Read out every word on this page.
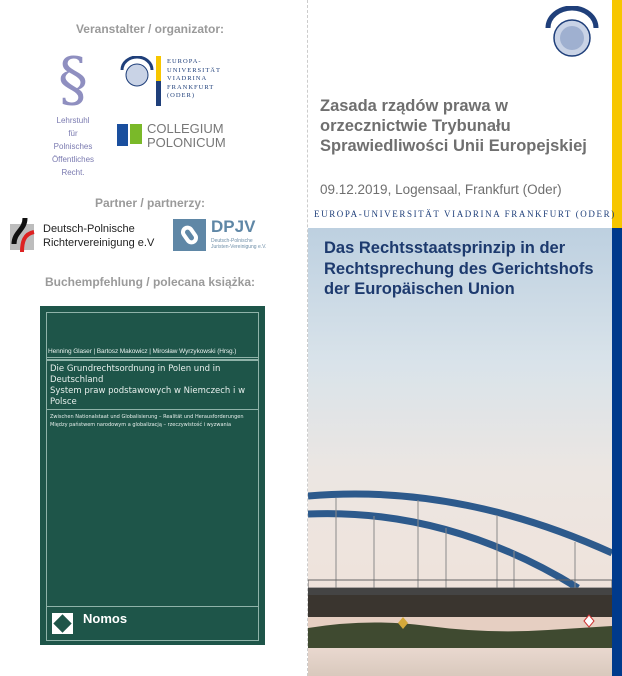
Veranstalter / organizator:
§
Lehrstuhl
für
Polnisches
Öffentliches
Recht.
EUROPA-
UNIVERSITÄT
VIADRINA
FRANKFURT
(ODER)
COLLEGIUM
POLONICUM
Partner / partnerzy:
Deutsch-Polnische
Richtervereinigung e.V
DPJV
Deutsch-Polnische
Juristen-Vereinigung e.V.
Buchempfehlung / polecana książka:
Henning Glaser | Bartosz Makowicz | Mirosław Wyrzykowski (Hrsg.)
Die Grundrechtsordnung in Polen und in Deutschland
System praw podstawowych w Niemczech i w Polsce
Zwischen Nationalstaat und Globalisierung – Realität und Herausforderungen
Między państwem narodowym a globalizacją – rzeczywistość i wyzwania
Nomos
Zasada rządów prawa w orzecznictwie Trybunału Sprawiedliwości Unii Europejskiej
09.12.2019, Logensaal, Frankfurt (Oder)
EUROPA-UNIVERSITÄT VIADRINA FRANKFURT (ODER)
Das Rechtsstaatsprinzip in der Rechtsprechung des Gerichtshofs der Europäischen Union
